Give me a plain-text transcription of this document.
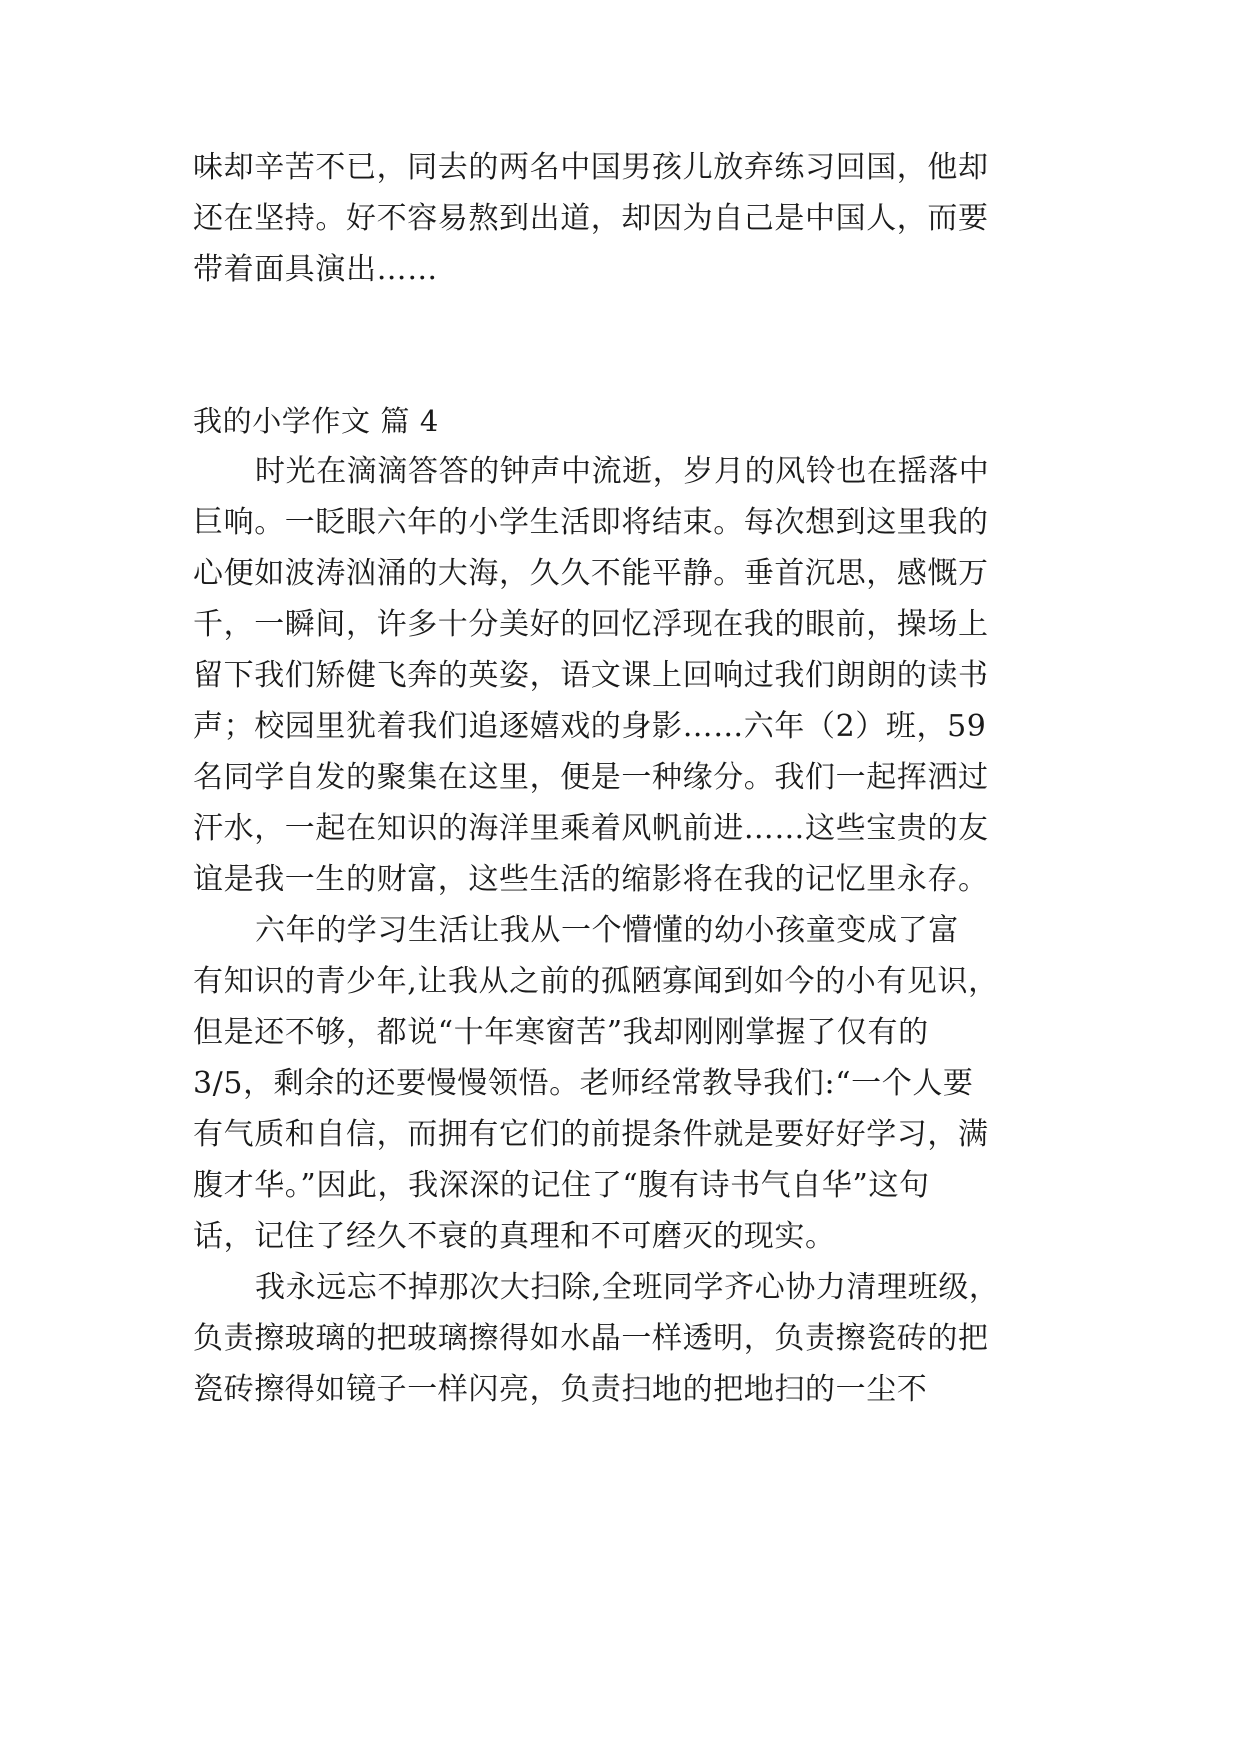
味却辛苦不已，同去的两名中国男孩儿放弃练习回国，他却
还在坚持。好不容易熬到出道，却因为自己是中国人，而要
带着面具演出……
我的小学作文 篇 4
时光在滴滴答答的钟声中流逝，岁月的风铃也在摇落中
巨响。一眨眼六年的小学生活即将结束。每次想到这里我的
心便如波涛汹涌的大海，久久不能平静。垂首沉思，感慨万
千，一瞬间，许多十分美好的回忆浮现在我的眼前，操场上
留下我们矫健飞奔的英姿，语文课上回响过我们朗朗的读书
声；校园里犹着我们追逐嬉戏的身影……六年（2）班，59
名同学自发的聚集在这里，便是一种缘分。我们一起挥洒过
汗水，一起在知识的海洋里乘着风帆前进……这些宝贵的友
谊是我一生的财富，这些生活的缩影将在我的记忆里永存。
六年的学习生活让我从一个懵懂的幼小孩童变成了富
有知识的青少年,让我从之前的孤陋寡闻到如今的小有见识，
但是还不够，都说“十年寒窗苦”我却刚刚掌握了仅有的
3/5，剩余的还要慢慢领悟。老师经常教导我们:“一个人要
有气质和自信，而拥有它们的前提条件就是要好好学习，满
腹才华。”因此，我深深的记住了“腹有诗书气自华”这句
话，记住了经久不衰的真理和不可磨灭的现实。
我永远忘不掉那次大扫除,全班同学齐心协力清理班级，
负责擦玻璃的把玻璃擦得如水晶一样透明，负责擦瓷砖的把
瓷砖擦得如镜子一样闪亮，负责扫地的把地扫的一尘不
